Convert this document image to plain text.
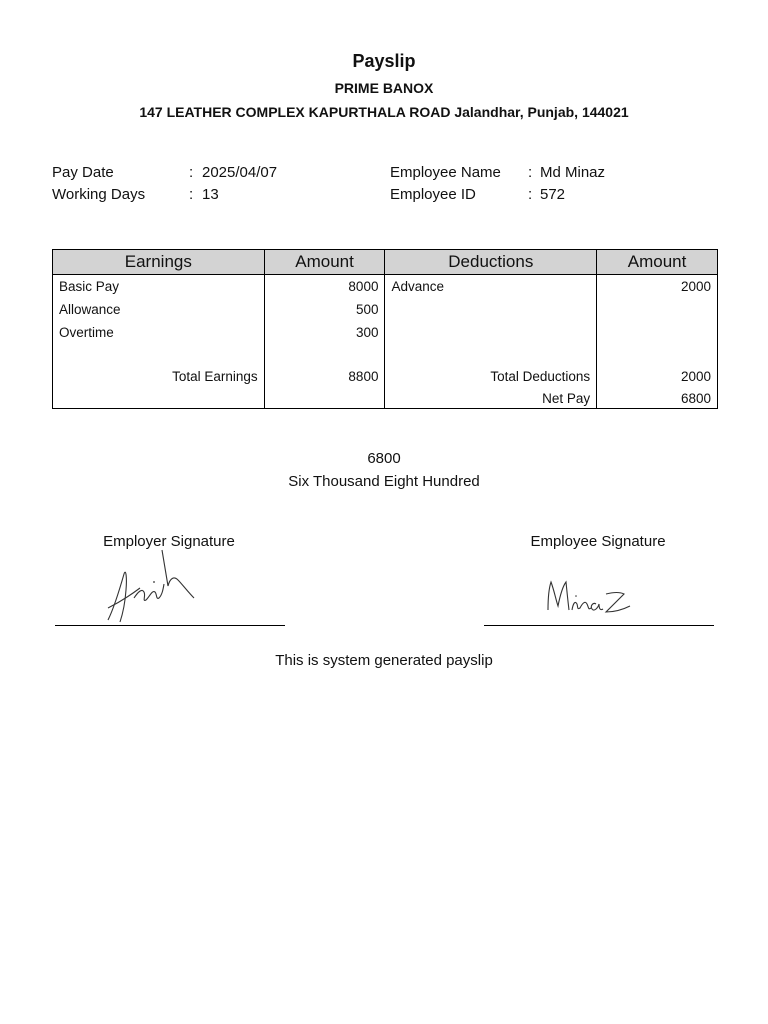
Payslip
PRIME BANOX
147 LEATHER COMPLEX KAPURTHALA ROAD Jalandhar, Punjab, 144021
Pay Date	: 2025/04/07
Working Days	: 13
Employee Name : Md Minaz
Employee ID	: 572
Earnings	Amount	Deductions	Amount
Basic Pay	8000	Advance	2000
Allowance	500		
Overtime	300		

Total Earnings	8800	Total Deductions	2000
		Net Pay	6800
6800
Six Thousand Eight Hundred
Employer Signature	Employee Signature
This is system generated payslip
